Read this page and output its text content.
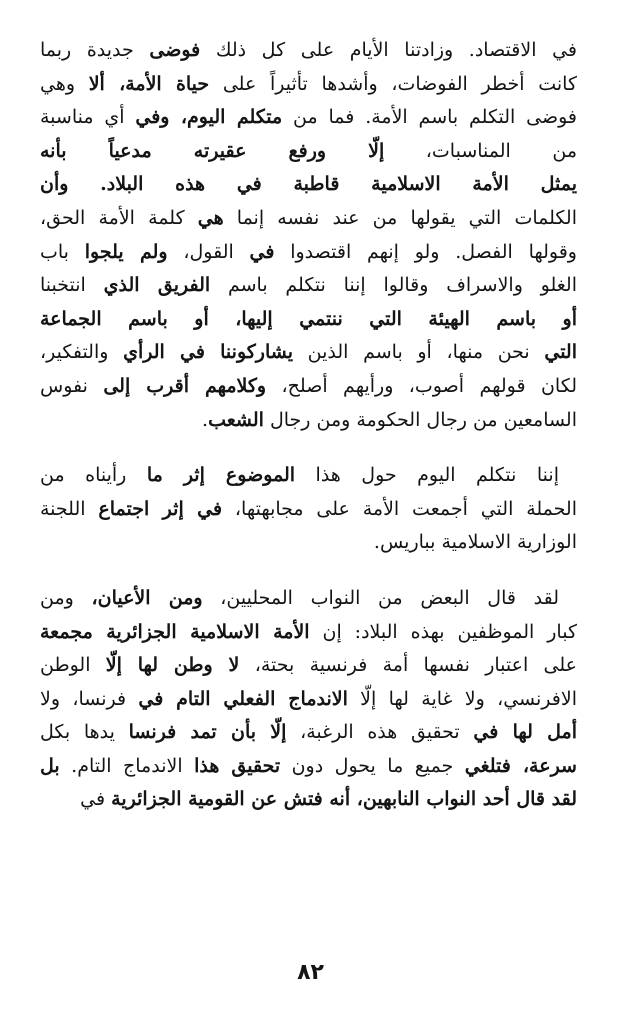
في الاقتصاد. وزادتنا الأيام على كل ذلك فوضى جديدة ربما
كانت أخطر الفوضات، وأشدها تأثيراً على حياة الأمة، ألا وهي
فوضى التكلم باسم الأمة. فما من متكلم اليوم، وفي أي مناسبة
من المناسبات، إلّا ورفع عقيرته مدعياً بأنه
يمثل الأمة الاسلامية قاطبة في هذه البلاد. وأن
الكلمات التي يقولها من عند نفسه إنما هي كلمة الأمة الحق،
وقولها الفصل. ولو إنهم اقتصدوا في القول، ولم يلجوا باب
الغلو والاسراف وقالوا إننا نتكلم باسم الفريق الذي انتخبنا
أو باسم الهيئة التي ننتمي إليها، أو باسم الجماعة
التي نحن منها، أو باسم الذين يشاركوننا في الرأي والتفكير،
لكان قولهم أصوب، ورأيهم أصلح، وكلامهم أقرب إلى نفوس
السامعين من رجال الحكومة ومن رجال الشعب.
إننا نتكلم اليوم حول هذا الموضوع إثر ما رأيناه من
الحملة التي أجمعت الأمة على مجابهتها، في إثر اجتماع اللجنة
الوزارية الاسلامية بباريس.
لقد قال البعض من النواب المحليين، ومن الأعيان، ومن
كبار الموظفين بهذه البلاد: إن الأمة الاسلامية الجزائرية مجمعة
على اعتبار نفسها أمة فرنسية بحتة، لا وطن لها إلّا الوطن
الافرنسي، ولا غاية لها إلّا الاندماج الفعلي التام في فرنسا، ولا
أمل لها في تحقيق هذه الرغبة، إلّا بأن تمد فرنسا يدها بكل
سرعة، فتلغي جميع ما يحول دون تحقيق هذا الاندماج التام. بل
لقد قال أحد النواب النابهين، أنه فتش عن القومية الجزائرية في
٨٢
